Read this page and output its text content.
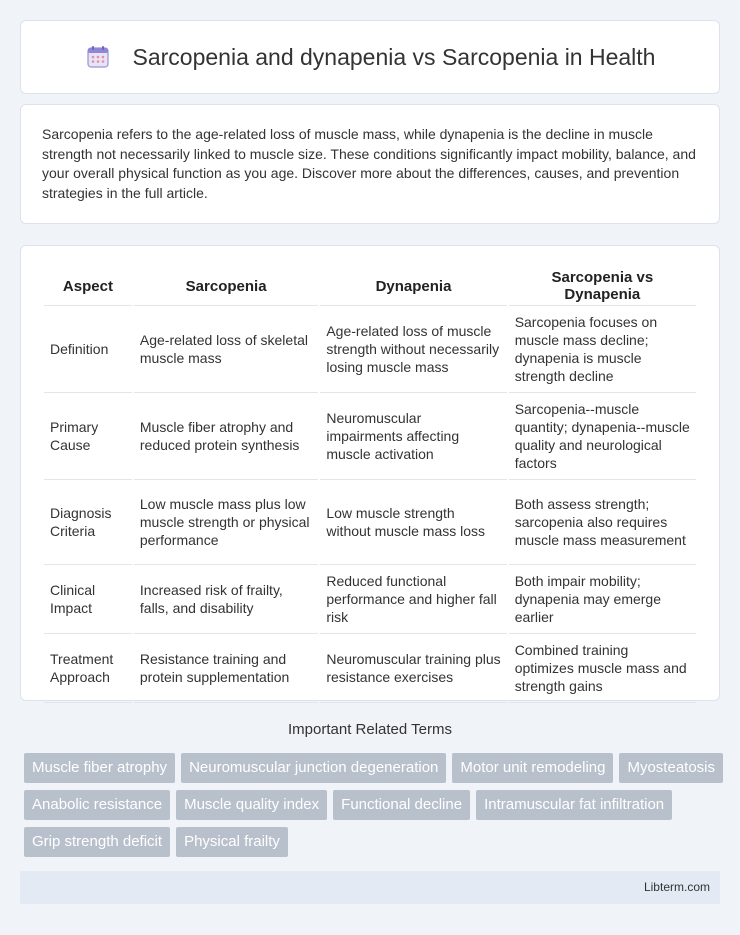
Sarcopenia and dynapenia vs Sarcopenia in Health

Sarcopenia refers to the age-related loss of muscle mass, while dynapenia is the decline in muscle strength not necessarily linked to muscle size. These conditions significantly impact mobility, balance, and your overall physical function as you age. Discover more about the differences, causes, and prevention strategies in the full article.

Aspect	Sarcopenia	Dynapenia	Sarcopenia vs Dynapenia
Definition	Age-related loss of skeletal muscle mass	Age-related loss of muscle strength without necessarily losing muscle mass	Sarcopenia focuses on muscle mass decline; dynapenia is muscle strength decline
Primary Cause	Muscle fiber atrophy and reduced protein synthesis	Neuromuscular impairments affecting muscle activation	Sarcopenia--muscle quantity; dynapenia--muscle quality and neurological factors
Diagnosis Criteria	Low muscle mass plus low muscle strength or physical performance	Low muscle strength without muscle mass loss	Both assess strength; sarcopenia also requires muscle mass measurement
Clinical Impact	Increased risk of frailty, falls, and disability	Reduced functional performance and higher fall risk	Both impair mobility; dynapenia may emerge earlier
Treatment Approach	Resistance training and protein supplementation	Neuromuscular training plus resistance exercises	Combined training optimizes muscle mass and strength gains
Important Related Terms
Muscle fiber atrophy	Neuromuscular junction degeneration	Motor unit remodeling	Myosteatosis
Anabolic resistance	Muscle quality index	Functional decline	Intramuscular fat infiltration
Grip strength deficit	Physical frailty
Libterm.com
